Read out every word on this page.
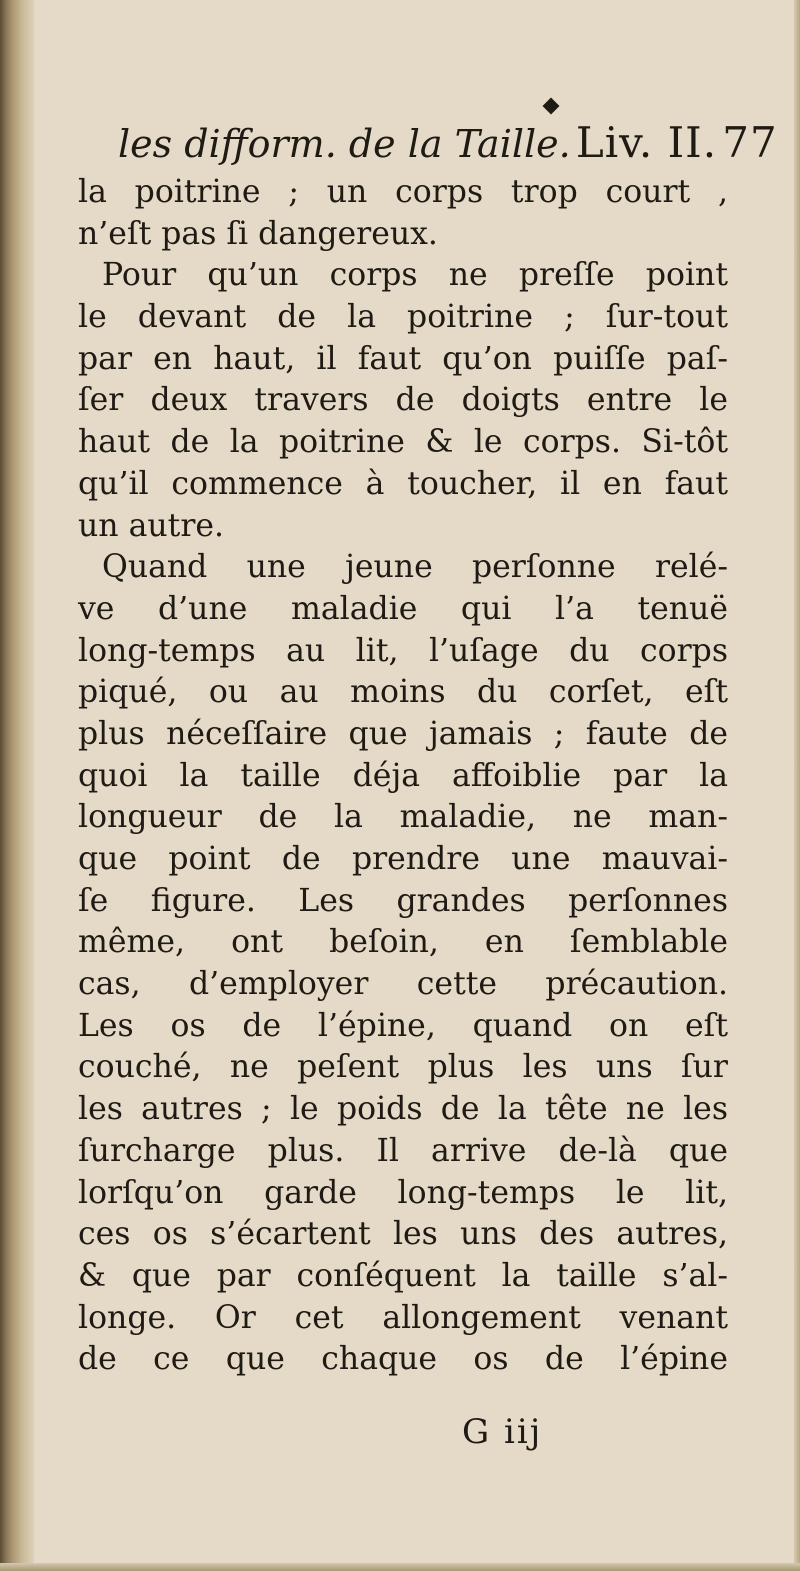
les difform. de la Taille. Liv. II. 77
la poitrine ; un corps trop court ,
n’eſt pas ſi dangereux.
Pour qu’un corps ne preſſe point
le devant de la poitrine ; ſur-tout
par en haut, il faut qu’on puiſſe paſ-
ſer deux travers de doigts entre le
haut de la poitrine & le corps. Si-tôt
qu’il commence à toucher, il en faut
un autre.
Quand une jeune perſonne relé-
ve d’une maladie qui l’a tenuë
long-temps au lit, l’uſage du corps
piqué, ou au moins du corſet, eſt
plus néceſſaire que jamais ; faute de
quoi la taille déja affoiblie par la
longueur de la maladie, ne man-
que point de prendre une mauvai-
ſe figure. Les grandes perſonnes
même, ont beſoin, en ſemblable
cas, d’employer cette précaution.
Les os de l’épine, quand on eſt
couché, ne peſent plus les uns ſur
les autres ; le poids de la tête ne les
ſurcharge plus. Il arrive de-là que
lorſqu’on garde long-temps le lit,
ces os s’écartent les uns des autres,
& que par conſéquent la taille s’al-
longe. Or cet allongement venant
de ce que chaque os de l’épine
G iij
